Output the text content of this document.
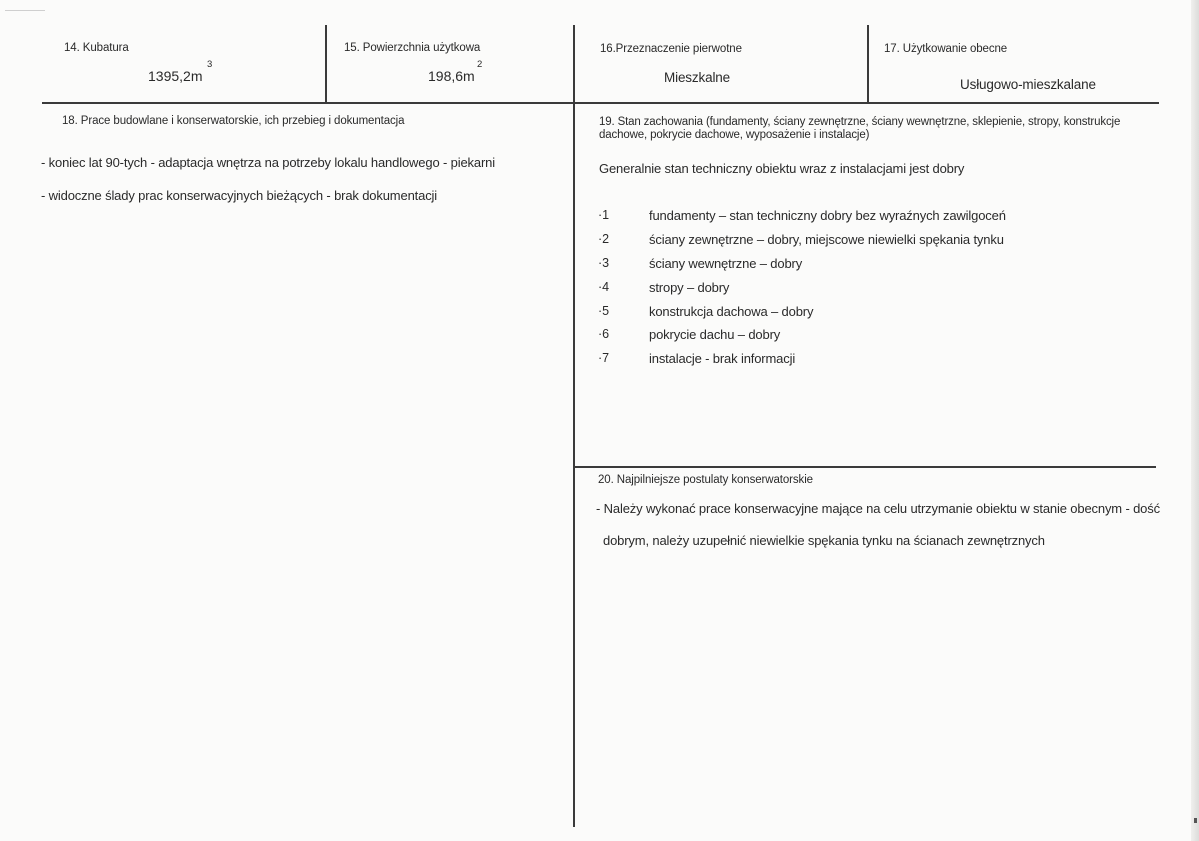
14. Kubatura
1395,2m
3
15. Powierzchnia użytkowa
198,6m
2
16.Przeznaczenie pierwotne
Mieszkalne
17. Użytkowanie obecne
Usługowo-mieszkalane
18. Prace budowlane i konserwatorskie, ich przebieg i dokumentacja
- koniec lat 90-tych - adaptacja wnętrza na potrzeby lokalu handlowego - piekarni
- widoczne ślady prac konserwacyjnych bieżących - brak dokumentacji
19. Stan zachowania (fundamenty, ściany zewnętrzne, ściany wewnętrzne, sklepienie, stropy, konstrukcje dachowe, pokrycie dachowe, wyposażenie i instalacje)
Generalnie stan techniczny obiektu wraz z instalacjami jest dobry
·1	fundamenty – stan techniczny dobry bez wyraźnych zawilgoceń
·2	ściany zewnętrzne – dobry, miejscowe niewielki spękania tynku
·3	ściany wewnętrzne – dobry
·4	stropy – dobry
·5	konstrukcja dachowa – dobry
·6	pokrycie dachu – dobry
·7	instalacje - brak informacji
20. Najpilniejsze postulaty konserwatorskie
- Należy wykonać prace konserwacyjne mające na celu utrzymanie obiektu w stanie obecnym - dość
dobrym, należy uzupełnić niewielkie spękania tynku na ścianach zewnętrznych
